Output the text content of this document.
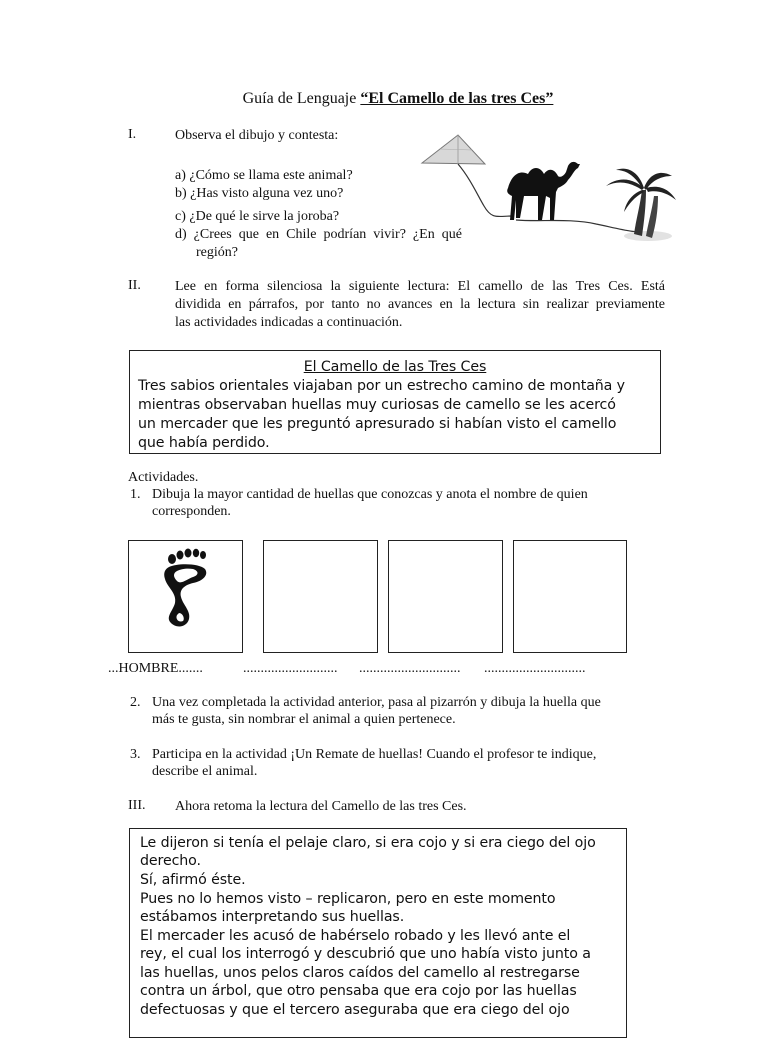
Guía de Lenguaje “El Camello de las tres Ces”
I.	Observa el dibujo y contesta:
a) ¿Cómo se llama este animal?
b) ¿Has visto alguna vez uno?
c) ¿De qué le sirve la joroba?
d)  ¿Crees  que  en  Chile  podrían  vivir?  ¿En  qué
región?
II. Lee en forma silenciosa la siguiente lectura: El camello de las Tres Ces. Está
dividida en párrafos, por tanto no avances en la lectura sin realizar previamente
las actividades indicadas a continuación.
El Camello de las Tres Ces
Tres sabios orientales viajaban por un estrecho camino de montaña y
mientras observaban huellas muy curiosas de camello se les acercó
un mercader que les preguntó apresurado si habían visto el camello
que había perdido.
Actividades.
1. Dibuja la mayor cantidad de huellas que conozcas y anota el nombre de quien
corresponden.
...HOMBRE.......	........................... ............................. .............................
2. Una vez completada la actividad anterior, pasa al pizarrón y dibuja la huella que
más te gusta, sin nombrar el animal a quien pertenece.
3. Participa en la actividad ¡Un Remate de huellas! Cuando el profesor te indique,
describe el animal.
III. Ahora retoma la lectura del Camello de las tres Ces.
Le dijeron si tenía el pelaje claro, si era cojo y si era ciego del ojo
derecho.
Sí, afirmó éste.
Pues no lo hemos visto – replicaron, pero en este momento
estábamos interpretando sus huellas.
El mercader les acusó de habérselo robado y les llevó ante el
rey, el cual los interrogó y descubrió que uno había visto junto a
las huellas, unos pelos claros caídos del camello al restregarse
contra un árbol, que otro pensaba que era cojo por las huellas
defectuosas y que el tercero aseguraba que era ciego del ojo
